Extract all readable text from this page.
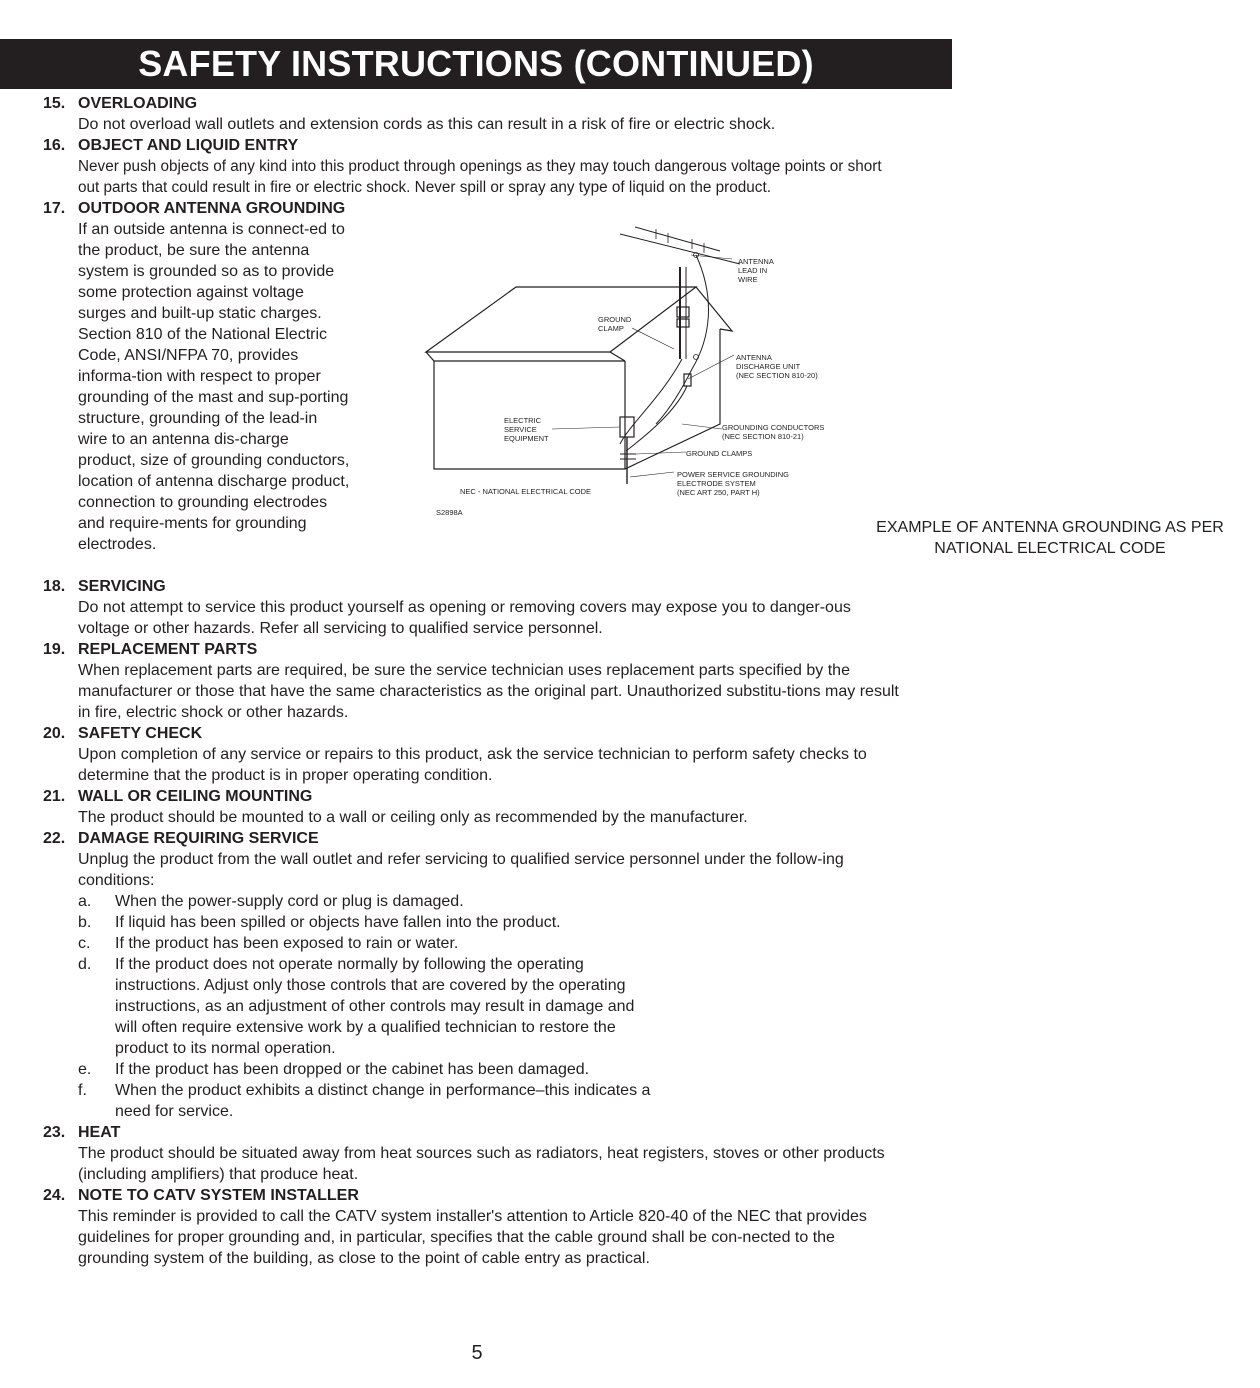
SAFETY INSTRUCTIONS (CONTINUED)
15. OVERLOADING
Do not overload wall outlets and extension cords as this can result in a risk of fire or electric shock.
16. OBJECT AND LIQUID ENTRY
Never push objects of any kind into this product through openings as they may touch dangerous voltage points or short out parts that could result in fire or electric shock. Never spill or spray any type of liquid on the product.
17. OUTDOOR ANTENNA GROUNDING
If an outside antenna is connect-ed to the product, be sure the antenna system is grounded so as to provide some protection against voltage surges and built-up static charges. Section 810 of the National Electric Code, ANSI/NFPA 70, provides informa-tion with respect to proper grounding of the mast and sup-porting structure, grounding of the lead-in wire to an antenna dis-charge product, size of grounding conductors, location of antenna discharge product, connection to grounding electrodes and require-ments for grounding electrodes.
ANTENNA
LEAD IN
WIRE
GROUND
CLAMP
ANTENNA
DISCHARGE UNIT
(NEC SECTION 810-20)
ELECTRIC
SERVICE
EQUIPMENT
GROUNDING CONDUCTORS
(NEC SECTION 810-21)
GROUND CLAMPS
POWER SERVICE GROUNDING
ELECTRODE SYSTEM
(NEC ART 250, PART H)
NEC - NATIONAL ELECTRICAL CODE
S2898A
EXAMPLE OF ANTENNA GROUNDING AS PER
NATIONAL ELECTRICAL CODE
18. SERVICING
Do not attempt to service this product yourself as opening or removing covers may expose you to danger-ous voltage or other hazards. Refer all servicing to qualified service personnel.
19. REPLACEMENT PARTS
When replacement parts are required, be sure the service technician uses replacement parts specified by the manufacturer or those that have the same characteristics as the original part. Unauthorized substitu-tions may result in fire, electric shock or other hazards.
20. SAFETY CHECK
Upon completion of any service or repairs to this product, ask the service technician to perform safety checks to determine that the product is in proper operating condition.
21. WALL OR CEILING MOUNTING
The product should be mounted to a wall or ceiling only as recommended by the manufacturer.
22. DAMAGE REQUIRING SERVICE
Unplug the product from the wall outlet and refer servicing to qualified service personnel under the follow-ing conditions:
a. When the power-supply cord or plug is damaged.
b. If liquid has been spilled or objects have fallen into the product.
c. If the product has been exposed to rain or water.
d. If the product does not operate normally by following the operating instructions. Adjust only those controls that are covered by the operating instructions, as an adjustment of other controls may result in damage and will often require extensive work by a qualified technician to restore the product to its normal operation.
e. If the product has been dropped or the cabinet has been damaged.
f. When the product exhibits a distinct change in performance–this indicates a need for service.
23. HEAT
The product should be situated away from heat sources such as radiators, heat registers, stoves or other products (including amplifiers) that produce heat.
24. NOTE TO CATV SYSTEM INSTALLER
This reminder is provided to call the CATV system installer's attention to Article 820-40 of the NEC that provides guidelines for proper grounding and, in particular, specifies that the cable ground shall be con-nected to the grounding system of the building, as close to the point of cable entry as practical.
5
